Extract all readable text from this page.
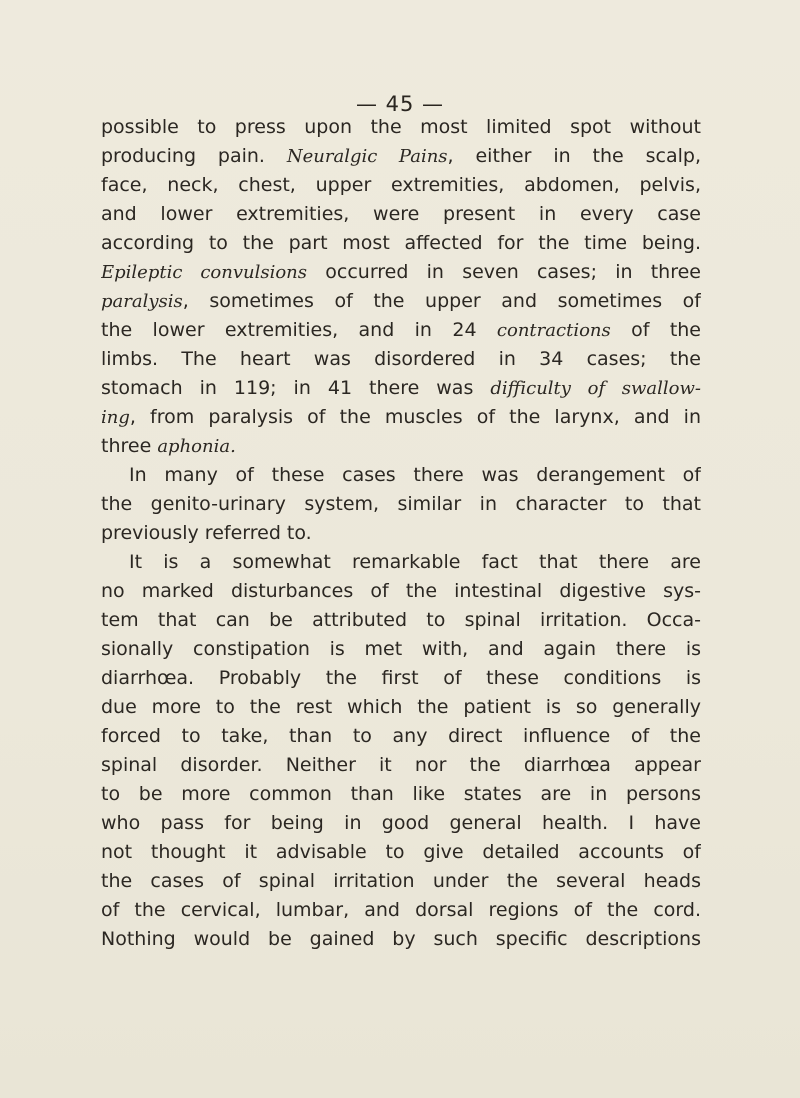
— 45 —
possible to press upon the most limited spot without
producing pain. Neuralgic Pains, either in the scalp,
face, neck, chest, upper extremities, abdomen, pelvis,
and lower extremities, were present in every case
according to the part most affected for the time being.
Epileptic convulsions occurred in seven cases; in three
paralysis, sometimes of the upper and sometimes of
the lower extremities, and in 24 contractions of the
limbs. The heart was disordered in 34 cases; the
stomach in 119; in 41 there was difficulty of swallow-
ing, from paralysis of the muscles of the larynx, and in
three aphonia.
In many of these cases there was derangement of
the genito-urinary system, similar in character to that
previously referred to.
It is a somewhat remarkable fact that there are
no marked disturbances of the intestinal digestive sys-
tem that can be attributed to spinal irritation. Occa-
sionally constipation is met with, and again there is
diarrhœa. Probably the first of these conditions is
due more to the rest which the patient is so generally
forced to take, than to any direct influence of the
spinal disorder. Neither it nor the diarrhœa appear
to be more common than like states are in persons
who pass for being in good general health. I have
not thought it advisable to give detailed accounts of
the cases of spinal irritation under the several heads
of the cervical, lumbar, and dorsal regions of the cord.
Nothing would be gained by such specific descriptions
